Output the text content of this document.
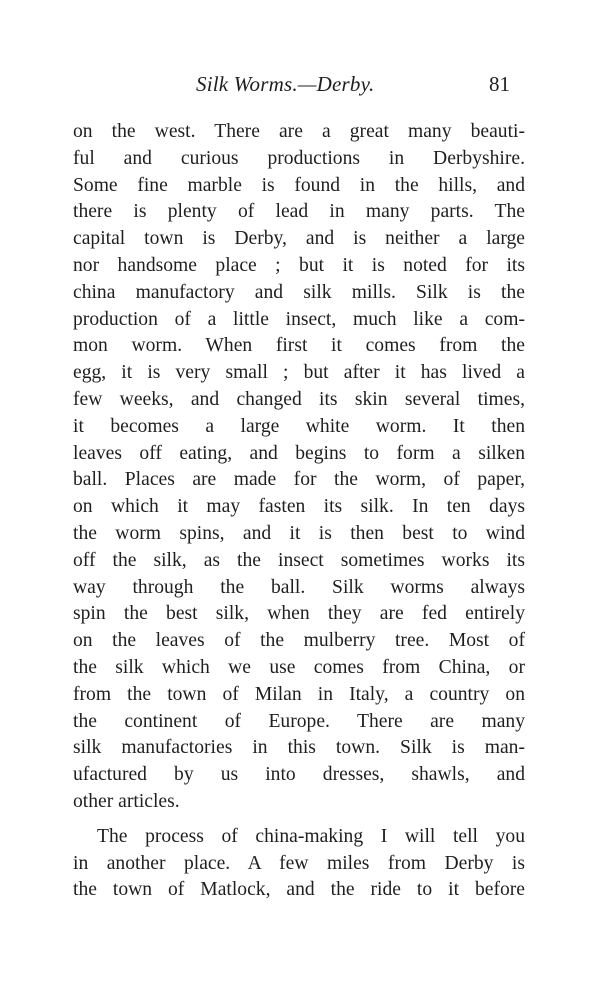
Silk Worms.—Derby.	81
on the west. There are a great many beauti-
ful and curious productions in Derbyshire.
Some fine marble is found in the hills, and
there is plenty of lead in many parts. The
capital town is Derby, and is neither a large
nor handsome place ; but it is noted for its
china manufactory and silk mills. Silk is the
production of a little insect, much like a com-
mon worm. When first it comes from the
egg, it is very small ; but after it has lived a
few weeks, and changed its skin several times,
it becomes a large white worm. It then
leaves off eating, and begins to form a silken
ball. Places are made for the worm, of paper,
on which it may fasten its silk. In ten days
the worm spins, and it is then best to wind
off the silk, as the insect sometimes works its
way through the ball. Silk worms always
spin the best silk, when they are fed entirely
on the leaves of the mulberry tree. Most of
the silk which we use comes from China, or
from the town of Milan in Italy, a country on
the continent of Europe. There are many
silk manufactories in this town. Silk is man-
ufactured by us into dresses, shawls, and
other articles.
The process of china-making I will tell you
in another place. A few miles from Derby is
the town of Matlock, and the ride to it before
